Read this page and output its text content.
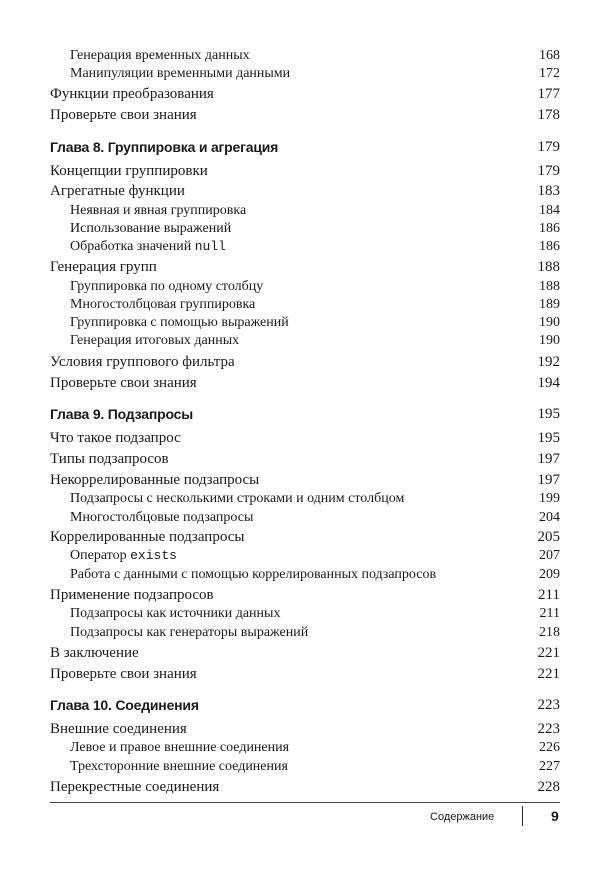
Генерация временных данных	168
Манипуляции временными данными	172
Функции преобразования	177
Проверьте свои знания	178
Глава 8. Группировка и агрегация	179
Концепции группировки	179
Агрегатные функции	183
Неявная и явная группировка	184
Использование выражений	186
Обработка значений null	186
Генерация групп	188
Группировка по одному столбцу	188
Многостолбцовая группировка	189
Группировка с помощью выражений	190
Генерация итоговых данных	190
Условия группового фильтра	192
Проверьте свои знания	194
Глава 9. Подзапросы	195
Что такое подзапрос	195
Типы подзапросов	197
Некоррелированные подзапросы	197
Подзапросы с несколькими строками и одним столбцом	199
Многостолбцовые подзапросы	204
Коррелированные подзапросы	205
Оператор exists	207
Работа с данными с помощью коррелированных подзапросов	209
Применение подзапросов	211
Подзапросы как источники данных	211
Подзапросы как генераторы выражений	218
В заключение	221
Проверьте свои знания	221
Глава 10. Соединения	223
Внешние соединения	223
Левое и правое внешние соединения	226
Трехсторонние внешние соединения	227
Перекрестные соединения	228
Содержание	9
